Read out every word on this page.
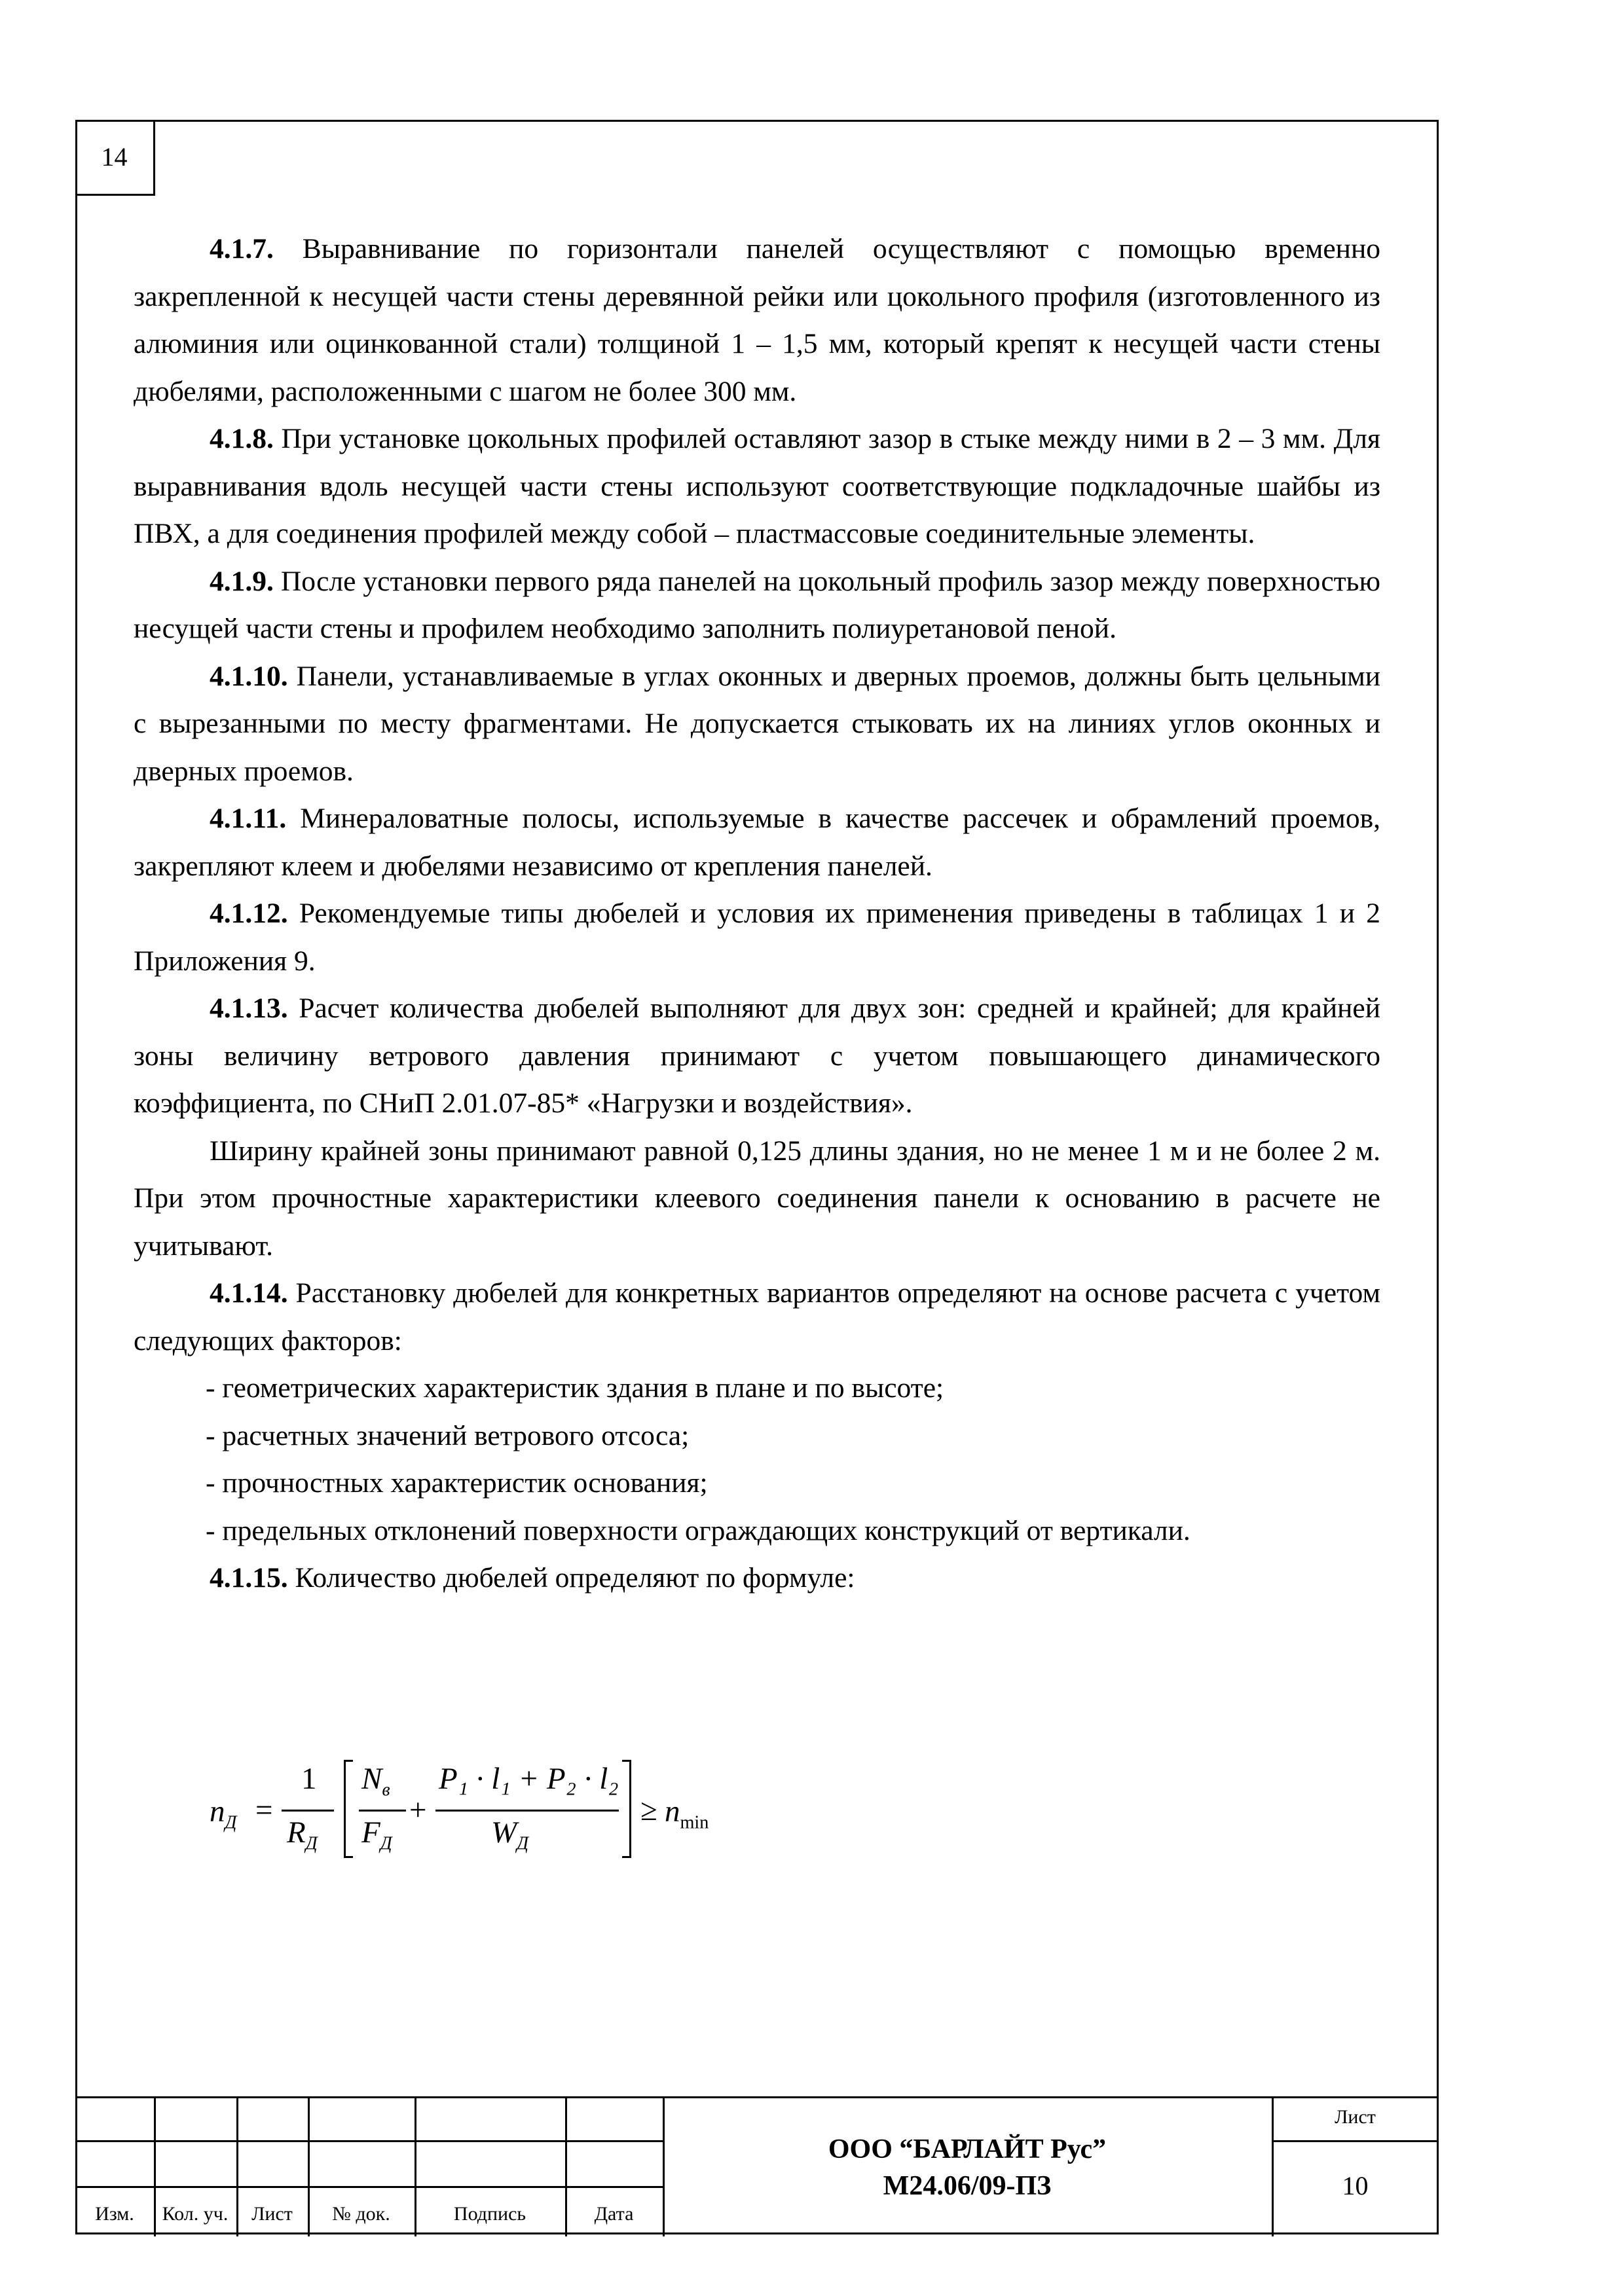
14

4.1.7. Выравнивание по горизонтали панелей осуществляют с помощью временно закрепленной к несущей части стены деревянной рейки или цокольного профиля (изготовленного из алюминия или оцинкованной стали) толщиной 1 – 1,5 мм, который крепят к несущей части стены дюбелями, расположенными с шагом не более 300 мм.

4.1.8. При установке цокольных профилей оставляют зазор в стыке между ними в 2 – 3 мм. Для выравнивания вдоль несущей части стены используют соответствующие подкладочные шайбы из ПВХ, а для соединения профилей между собой – пластмассовые соединительные элементы.

4.1.9. После установки первого ряда панелей на цокольный профиль зазор между поверхностью несущей части стены и профилем необходимо заполнить полиуретановой пеной.

4.1.10. Панели, устанавливаемые в углах оконных и дверных проемов, должны быть цельными с вырезанными по месту фрагментами. Не допускается стыковать их на линиях углов оконных и дверных проемов.

4.1.11. Минераловатные полосы, используемые в качестве рассечек и обрамлений проемов, закрепляют клеем и дюбелями независимо от крепления панелей.

4.1.12. Рекомендуемые типы дюбелей и условия их применения приведены в таблицах 1 и 2 Приложения 9.

4.1.13. Расчет количества дюбелей выполняют для двух зон: средней и крайней; для крайней зоны величину ветрового давления принимают с учетом повышающего динамического коэффициента, по СНиП 2.01.07-85* «Нагрузки и воздействия».

Ширину крайней зоны принимают равной 0,125 длины здания, но не менее 1 м и не более 2 м. При этом прочностные характеристики клеевого соединения панели к основанию в расчете не учитывают.

4.1.14. Расстановку дюбелей для конкретных вариантов определяют на основе расчета с учетом следующих факторов:

- геометрических характеристик здания в плане и по высоте;

- расчетных значений ветрового отсоса;

- прочностных характеристик основания;

- предельных отклонений поверхности ограждающих конструкций от вертикали.

4.1.15. Количество дюбелей определяют по формуле:

$n_Д$ =
1
$R_Д$
$N_в$
$F_Д$
+
P₁ · l₁ + P₂ · l₂
$W_Д$
≥ $n_{min}$
Изм.	Кол. уч.	Лист	№ док.	Подпись	Дата
ООО “БАРЛАЙТ Рус”
М24.06/09-ПЗ
Лист
10
